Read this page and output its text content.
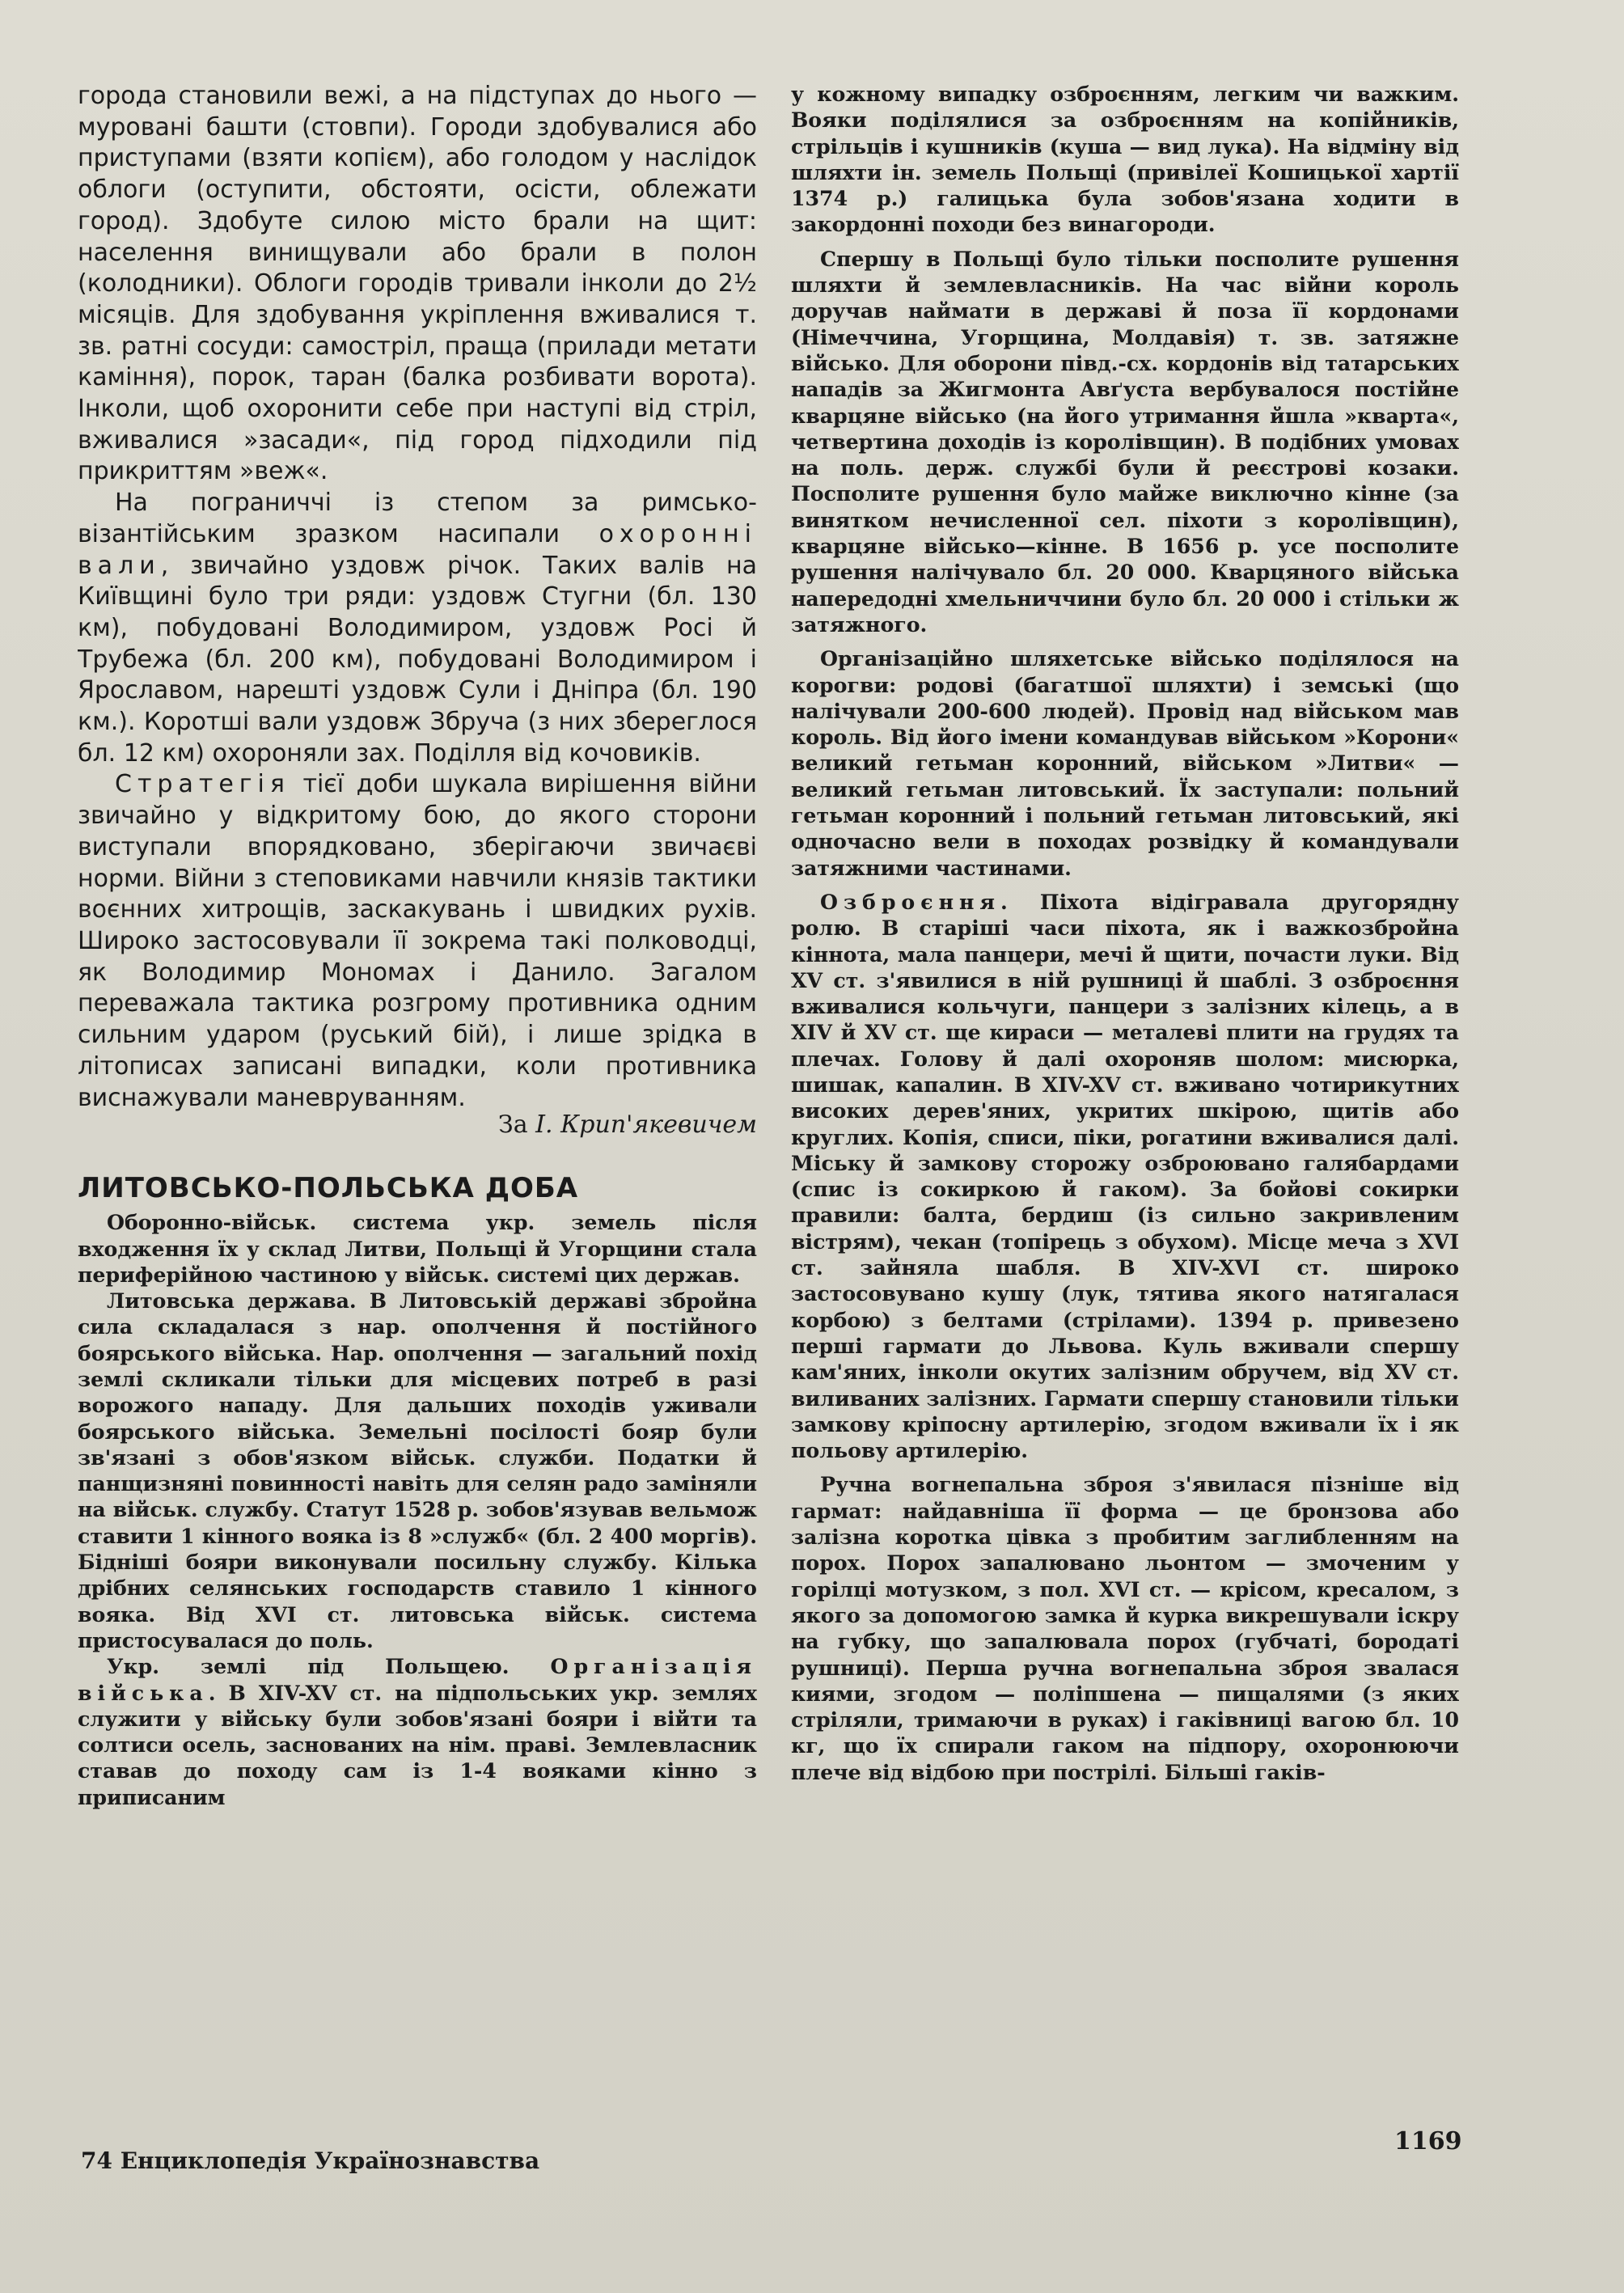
города становили вежі, а на підступах до нього — муровані башти (стовпи). Городи здобувалися або приступами (взяти копієм), або голодом у наслідок облоги (оступити, обстояти, осісти, облежати город). Здобуте силою місто брали на щит: населення винищували або брали в полон (колодники). Облоги городів тривали інколи до 2½ місяців. Для здобування укріплення вживалися т. зв. ратні сосуди: самостріл, праща (прилади метати каміння), порок, таран (балка розбивати ворота). Інколи, щоб охоронити себе при наступі від стріл, вживалися »засади«, під город підходили під прикриттям »веж«.

На пограниччі із степом за римсько-візантійським зразком насипали охоронні вали, звичайно уздовж річок. Таких валів на Київщині було три ряди: уздовж Стугни (бл. 130 км), побудовані Володимиром, уздовж Росі й Трубежа (бл. 200 км), побудовані Володимиром і Ярославом, нарешті уздовж Сули і Дніпра (бл. 190 км.). Коротші вали уздовж Збруча (з них збереглося бл. 12 км) охороняли зах. Поділля від кочовиків.

Стратегія тієї доби шукала вирішення війни звичайно у відкритому бою, до якого сторони виступали впорядковано, зберігаючи звичаєві норми. Війни з степовиками навчили князів тактики воєнних хитрощів, заскакувань і швидких рухів. Широко застосовували її зокрема такі полководці, як Володимир Мономах і Данило. Загалом переважала тактика розгрому противника одним сильним ударом (руський бій), і лише зрідка в літописах записані випадки, коли противника виснажували маневруванням.

За І. Крип'якевичем
ЛИТОВСЬКО-ПОЛЬСЬКА ДОБА

Оборонно-військ. система укр. земель після входження їх у склад Литви, Польщі й Угорщини стала периферійною частиною у військ. системі цих держав.

Литовська держава. В Литовській державі збройна сила складалася з нар. ополчення й постійного боярського війська. Нар. ополчення — загальний похід землі скликали тільки для місцевих потреб в разі ворожого нападу. Для дальших походів уживали боярського війська. Земельні посілості бояр були зв'язані з обов'язком військ. служби. Податки й панщизняні повинності навіть для селян радо заміняли на військ. службу. Статут 1528 р. зобов'язував вельмож ставити 1 кінного вояка із 8 »служб« (бл. 2 400 моргів). Бідніші бояри виконували посильну службу. Кілька дрібних селянських господарств ставило 1 кінного вояка. Від XVI ст. литовська військ. система пристосувалася до поль.

Укр. землі під Польщею. Організація війська. В XIV-XV ст. на підпольських укр. землях служити у війську були зобов'язані бояри і війти та солтиси осель, заснованих на нім. праві. Землевласник ставав до походу сам із 1-4 вояками кінно з приписаним

у кожному випадку озброєнням, легким чи важким. Вояки поділялися за озброєнням на копійників, стрільців і кушників (куша — вид лука). На відміну від шляхти ін. земель Польщі (привілеї Кошицької хартії 1374 р.) галицька була зобов'язана ходити в закордонні походи без винагороди.

Спершу в Польщі було тільки посполите рушення шляхти й землевласників. На час війни король доручав наймати в державі й поза її кордонами (Німеччина, Угорщина, Молдавія) т. зв. затяжне військо. Для оборони півд.-сх. кордонів від татарських нападів за Жигмонта Авґуста вербувалося постійне кварцяне військо (на його утримання йшла »кварта«, четвертина доходів із королівщин). В подібних умовах на поль. держ. службі були й реєстрові козаки. Посполите рушення було майже виключно кінне (за винятком нечисленної сел. піхоти з королівщин), кварцяне військо—кінне. В 1656 р. усе посполите рушення налічувало бл. 20 000. Кварцяного війська напередодні хмельниччини було бл. 20 000 і стільки ж затяжного.

Організаційно шляхетське військо поділялося на корогви: родові (багатшої шляхти) і земські (що налічували 200-600 людей). Провід над військом мав король. Від його імени командував військом »Корони« великий гетьман коронний, військом »Литви« — великий гетьман литовський. Їх заступали: польний гетьман коронний і польний гетьман литовський, які одночасно вели в походах розвідку й командували затяжними частинами.

Озброєння. Піхота відігравала другорядну ролю. В старіші часи піхота, як і важкозбройна кіннота, мала панцери, мечі й щити, почасти луки. Від XV ст. з'явилися в ній рушниці й шаблі. З озброєння вживалися кольчуги, панцери з залізних кілець, а в XIV й XV ст. ще кираси — металеві плити на грудях та плечах. Голову й далі охороняв шолом: мисюрка, шишак, капалин. В XIV-XV ст. вживано чотирикутних високих дерев'яних, укритих шкірою, щитів або круглих. Копія, списи, піки, рогатини вживалися далі. Міську й замкову сторожу озброювано галябардами (спис із сокиркою й гаком). За бойові сокирки правили: балта, бердиш (із сильно закривленим вістрям), чекан (топірець з обухом). Місце меча з XVI ст. зайняла шабля. В XIV-XVI ст. широко застосовувано кушу (лук, тятива якого натягалася корбою) з белтами (стрілами). 1394 р. привезено перші гармати до Львова. Куль вживали спершу кам'яних, інколи окутих залізним обручем, від XV ст. виливаних залізних. Гармати спершу становили тільки замкову кріпосну артилерію, згодом вживали їх і як польову артилерію.

Ручна вогнепальна зброя з'явилася пізніше від гармат: найдавніша її форма — це бронзова або залізна коротка цівка з пробитим заглибленням на порох. Порох запалювано льонтом — змоченим у горілці мотузком, з пол. XVI ст. — крісом, кресалом, з якого за допомогою замка й курка викрешували іскру на губку, що запалювала порох (губчаті, бородаті рушниці). Перша ручна вогнепальна зброя звалася киями, згодом — поліпшена — пищалями (з яких стріляли, тримаючи в руках) і гаківниці вагою бл. 10 кг, що їх спирали гаком на підпору, охоронюючи плече від відбою при пострілі. Більші гаків-

74 Енциклопедія Українознавства
1169
